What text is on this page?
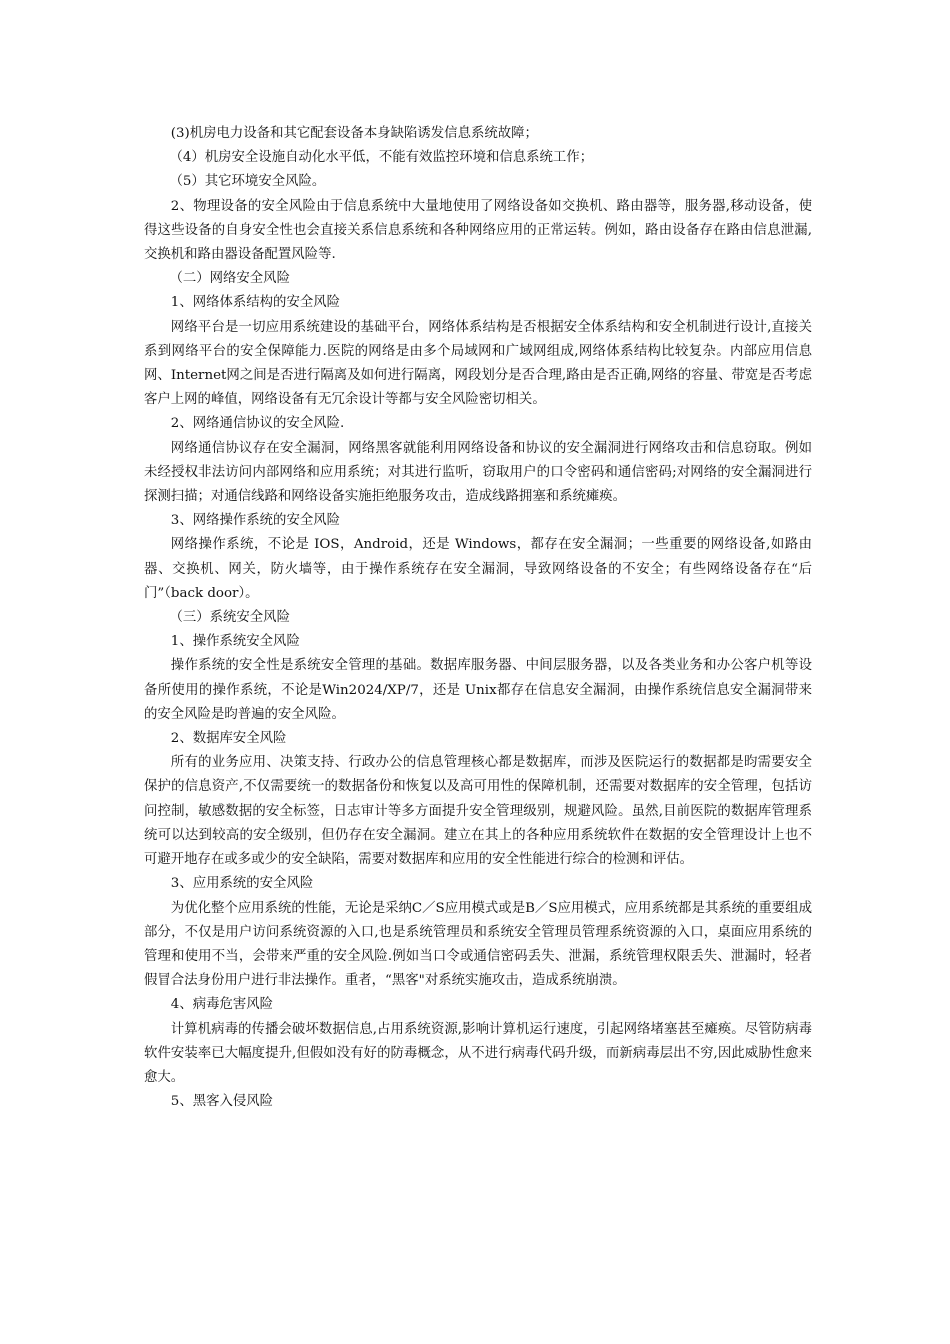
(3)机房电力设备和其它配套设备本身缺陷诱发信息系统故障；

（4）机房安全设施自动化水平低，不能有效监控环境和信息系统工作；

（5）其它环境安全风险。

2、物理设备的安全风险由于信息系统中大量地使用了网络设备如交换机、路由器等，服务器,移动设备，使得这些设备的自身安全性也会直接关系信息系统和各种网络应用的正常运转。例如，路由设备存在路由信息泄漏,交换机和路由器设备配置风险等.

（二）网络安全风险

1、网络体系结构的安全风险

网络平台是一切应用系统建设的基础平台，网络体系结构是否根据安全体系结构和安全机制进行设计,直接关系到网络平台的安全保障能力.医院的网络是由多个局域网和广域网组成,网络体系结构比较复杂。内部应用信息网、Internet网之间是否进行隔离及如何进行隔离，网段划分是否合理,路由是否正确,网络的容量、带宽是否考虑客户上网的峰值，网络设备有无冗余设计等都与安全风险密切相关。

2、网络通信协议的安全风险.

网络通信协议存在安全漏洞，网络黑客就能利用网络设备和协议的安全漏洞进行网络攻击和信息窃取。例如未经授权非法访问内部网络和应用系统；对其进行监听，窃取用户的口令密码和通信密码;对网络的安全漏洞进行探测扫描；对通信线路和网络设备实施拒绝服务攻击，造成线路拥塞和系统瘫痪。

3、网络操作系统的安全风险

网络操作系统，不论是 IOS，Android，还是 Windows，都存在安全漏洞；一些重要的网络设备,如路由器、交换机、网关，防火墙等，由于操作系统存在安全漏洞，导致网络设备的不安全；有些网络设备存在“后门”（back door）。

（三）系统安全风险

1、操作系统安全风险

操作系统的安全性是系统安全管理的基础。数据库服务器、中间层服务器，以及各类业务和办公客户机等设备所使用的操作系统，不论是Win2024/XP/7，还是 Unix都存在信息安全漏洞，由操作系统信息安全漏洞带来的安全风险是昀普遍的安全风险。

2、数据库安全风险

所有的业务应用、决策支持、行政办公的信息管理核心都是数据库，而涉及医院运行的数据都是昀需要安全保护的信息资产,不仅需要统一的数据备份和恢复以及高可用性的保障机制，还需要对数据库的安全管理，包括访问控制，敏感数据的安全标签，日志审计等多方面提升安全管理级别，规避风险。虽然,目前医院的数据库管理系统可以达到较高的安全级别，但仍存在安全漏洞。建立在其上的各种应用系统软件在数据的安全管理设计上也不可避开地存在或多或少的安全缺陷，需要对数据库和应用的安全性能进行综合的检测和评估。

3、应用系统的安全风险

为优化整个应用系统的性能，无论是采纳C／S应用模式或是B／S应用模式，应用系统都是其系统的重要组成部分，不仅是用户访问系统资源的入口,也是系统管理员和系统安全管理员管理系统资源的入口，桌面应用系统的管理和使用不当，会带来严重的安全风险.例如当口令或通信密码丢失、泄漏，系统管理权限丢失、泄漏时，轻者假冒合法身份用户进行非法操作。重者，“黑客"对系统实施攻击，造成系统崩溃。

4、病毒危害风险

计算机病毒的传播会破坏数据信息,占用系统资源,影响计算机运行速度，引起网络堵塞甚至瘫痪。尽管防病毒软件安装率已大幅度提升,但假如没有好的防毒概念，从不进行病毒代码升级，而新病毒层出不穷,因此威胁性愈来愈大。

5、黑客入侵风险
